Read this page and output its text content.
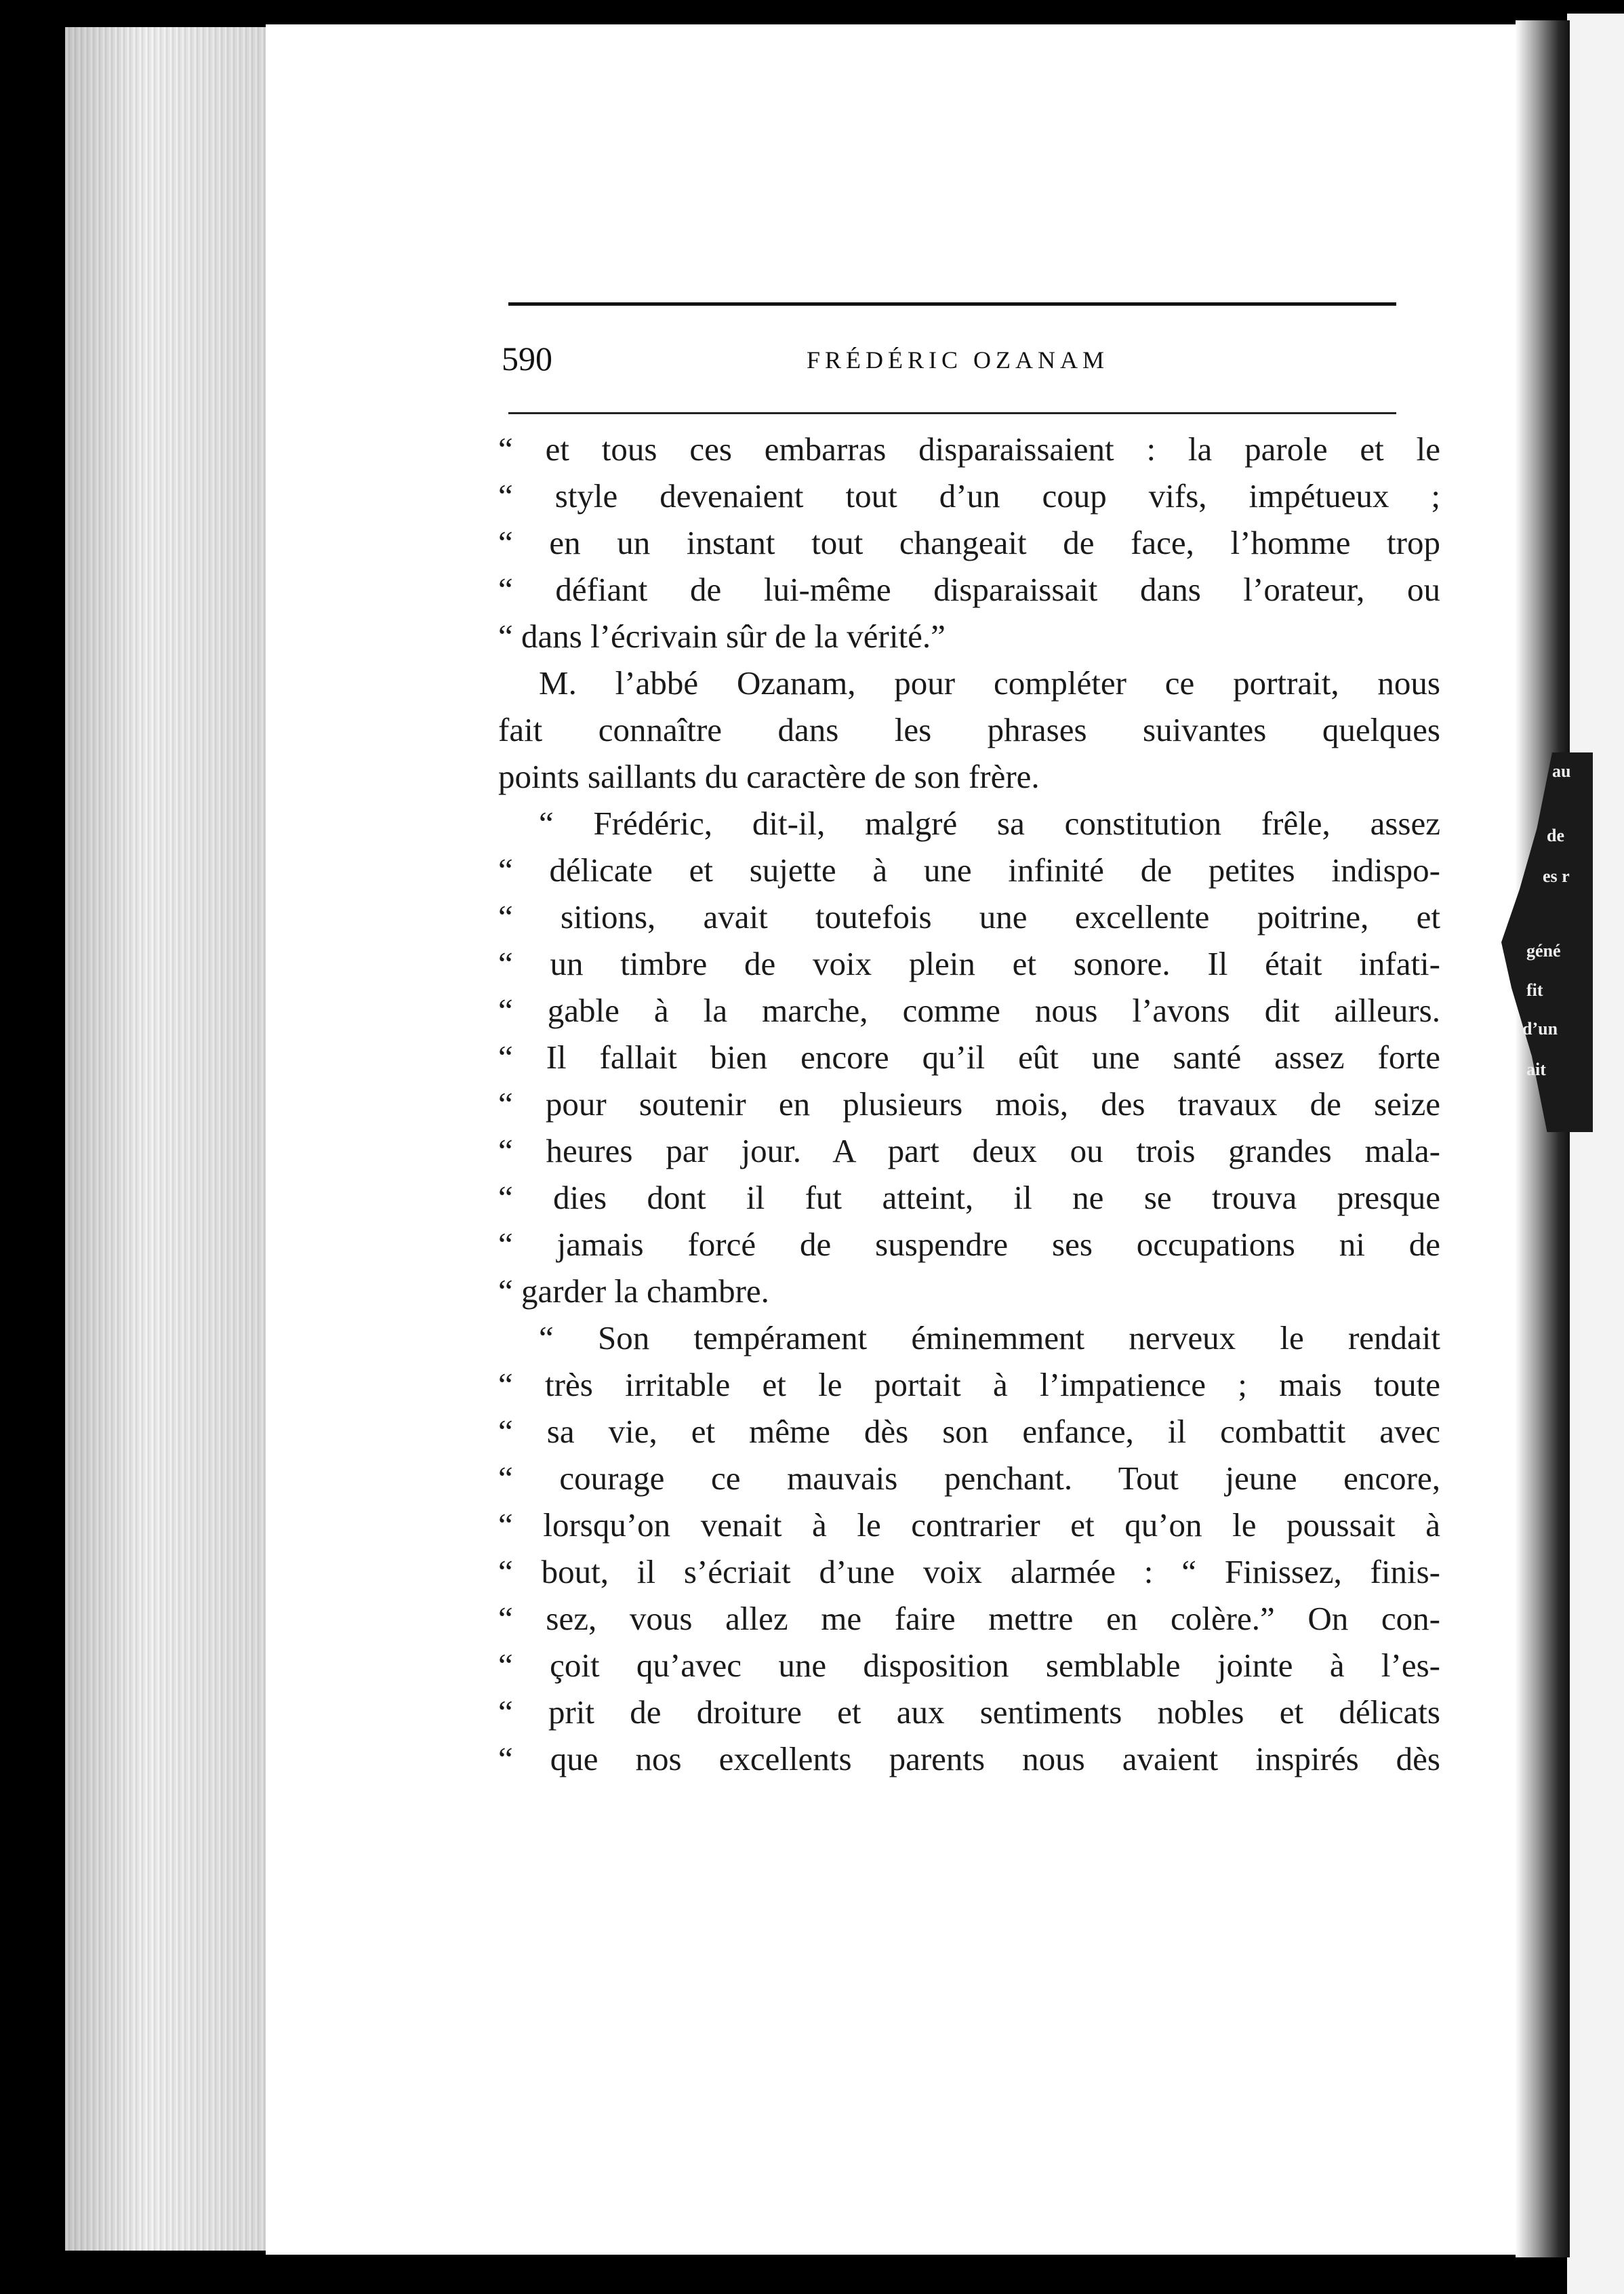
au
de
es r
géné
fit
d’un
ait
590	FRÉDÉRIC OZANAM
“ et tous ces embarras disparaissaient : la parole et le
“ style devenaient tout d’un coup vifs, impétueux ;
“ en un instant tout changeait de face, l’homme trop
“ défiant de lui-même disparaissait dans l’orateur, ou
“ dans l’écrivain sûr de la vérité.”
M. l’abbé Ozanam, pour compléter ce portrait, nous
fait connaître dans les phrases suivantes quelques
points saillants du caractère de son frère.
“ Frédéric, dit-il, malgré sa constitution frêle, assez
“ délicate et sujette à une infinité de petites indispo-
“ sitions, avait toutefois une excellente poitrine, et
“ un timbre de voix plein et sonore. Il était infati-
“ gable à la marche, comme nous l’avons dit ailleurs.
“ Il fallait bien encore qu’il eût une santé assez forte
“ pour soutenir en plusieurs mois, des travaux de seize
“ heures par jour. A part deux ou trois grandes mala-
“ dies dont il fut atteint, il ne se trouva presque
“ jamais forcé de suspendre ses occupations ni de
“ garder la chambre.
“ Son tempérament éminemment nerveux le rendait
“ très irritable et le portait à l’impatience ; mais toute
“ sa vie, et même dès son enfance, il combattit avec
“ courage ce mauvais penchant. Tout jeune encore,
“ lorsqu’on venait à le contrarier et qu’on le poussait à
“ bout, il s’écriait d’une voix alarmée : “ Finissez, finis-
“ sez, vous allez me faire mettre en colère.” On con-
“ çoit qu’avec une disposition semblable jointe à l’es-
“ prit de droiture et aux sentiments nobles et délicats
“ que nos excellents parents nous avaient inspirés dès
